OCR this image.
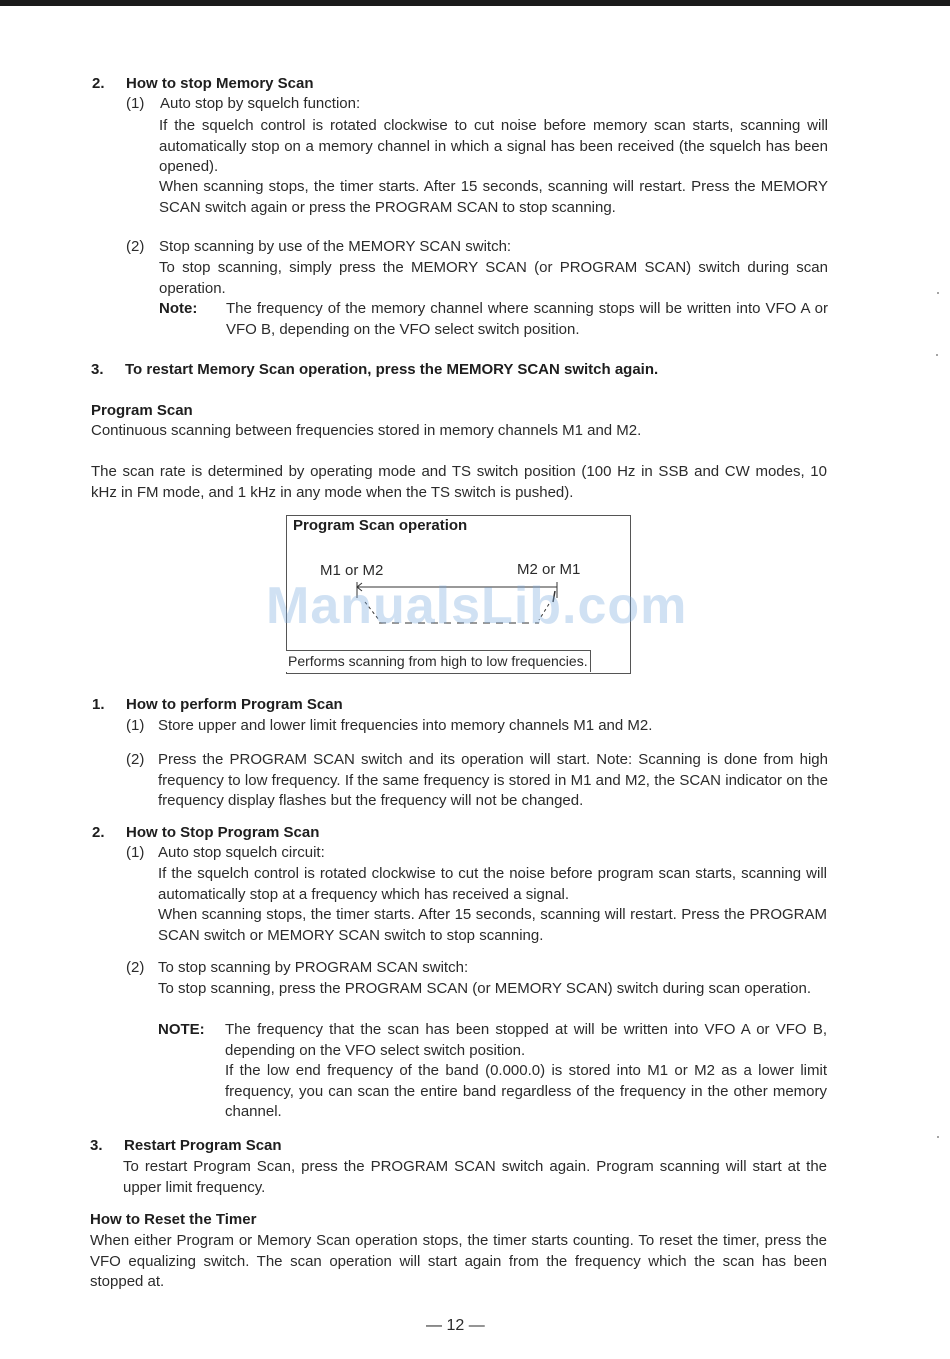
2. How to stop Memory Scan
(1) Auto stop by squelch function:
If the squelch control is rotated clockwise to cut noise before memory scan starts, scanning will automatically stop on a memory channel in which a signal has been received (the squelch has been opened).
When scanning stops, the timer starts. After 15 seconds, scanning will restart. Press the MEMORY SCAN switch again or press the PROGRAM SCAN to stop scanning.
(2) Stop scanning by use of the MEMORY SCAN switch:
To stop scanning, simply press the MEMORY SCAN (or PROGRAM SCAN) switch during scan operation.
Note: The frequency of the memory channel where scanning stops will be written into VFO A or VFO B, depending on the VFO select switch position.
3. To restart Memory Scan operation, press the MEMORY SCAN switch again.
Program Scan
Continuous scanning between frequencies stored in memory channels M1 and M2.
The scan rate is determined by operating mode and TS switch position (100 Hz in SSB and CW modes, 10 kHz in FM mode, and 1 kHz in any mode when the TS switch is pushed).
Program Scan operation
M1 or M2	M2 or M1
Performs scanning from high to low frequencies.
ManualsLib.com
1. How to perform Program Scan
(1) Store upper and lower limit frequencies into memory channels M1 and M2.
(2) Press the PROGRAM SCAN switch and its operation will start. Note: Scanning is done from high frequency to low frequency. If the same frequency is stored in M1 and M2, the SCAN indicator on the frequency display flashes but the frequency will not be changed.
2. How to Stop Program Scan
(1) Auto stop squelch circuit:
If the squelch control is rotated clockwise to cut the noise before program scan starts, scanning will automatically stop at a frequency which has received a signal.
When scanning stops, the timer starts. After 15 seconds, scanning will restart. Press the PROGRAM SCAN switch or MEMORY SCAN switch to stop scanning.
(2) To stop scanning by PROGRAM SCAN switch:
To stop scanning, press the PROGRAM SCAN (or MEMORY SCAN) switch during scan operation.
NOTE: The frequency that the scan has been stopped at will be written into VFO A or VFO B, depending on the VFO select switch position.
If the low end frequency of the band (0.000.0) is stored into M1 or M2 as a lower limit frequency, you can scan the entire band regardless of the frequency in the other memory channel.
3. Restart Program Scan
To restart Program Scan, press the PROGRAM SCAN switch again. Program scanning will start at the upper limit frequency.
How to Reset the Timer
When either Program or Memory Scan operation stops, the timer starts counting. To reset the timer, press the VFO equalizing switch. The scan operation will start again from the frequency which the scan has been stopped at.
— 12 —
